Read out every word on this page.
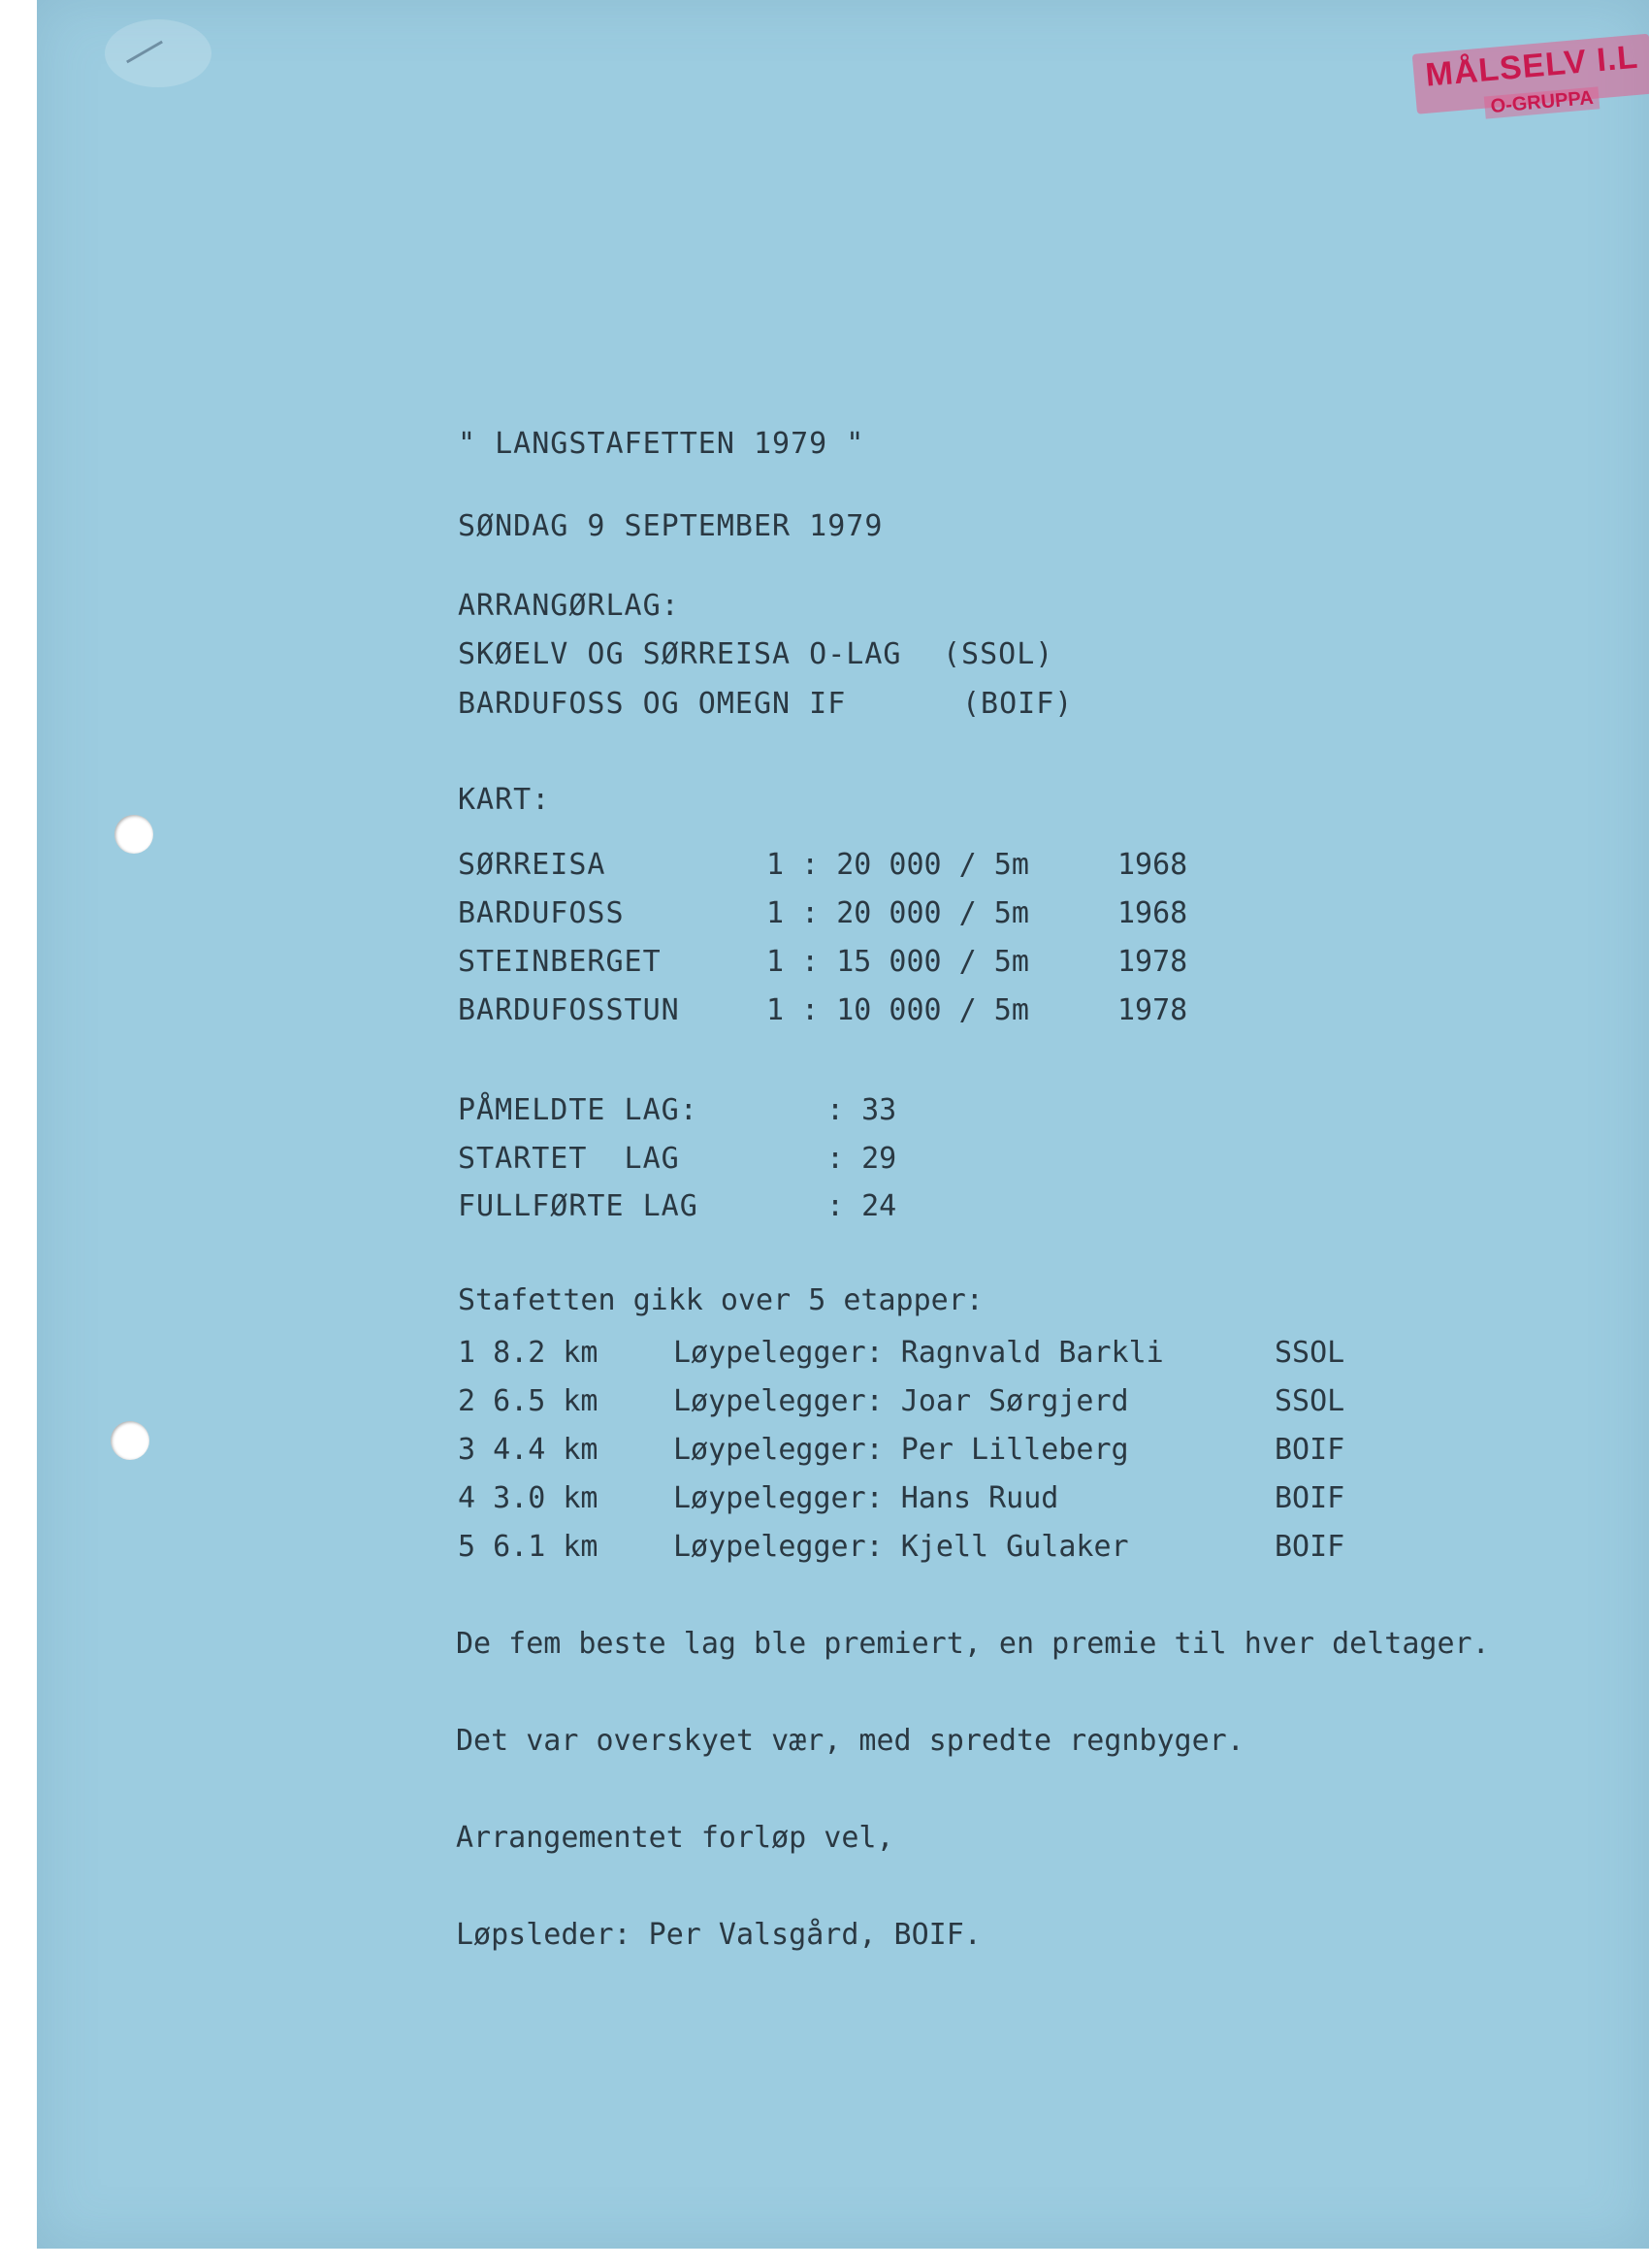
MÅLSELV I.L
O-GRUPPA
" LANGSTAFETTEN 1979 "
SØNDAG 9 SEPTEMBER 1979
ARRANGØRLAG:
SKØELV OG SØRREISA O-LAG (SSOL)
BARDUFOSS OG OMEGN IF	(BOIF)
KART:
SØRREISA	1 : 20 000 / 5m	1968
BARDUFOSS	1 : 20 000 / 5m	1968
STEINBERGET	1 : 15 000 / 5m	1978
BARDUFOSSTUN	1 : 10 000 / 5m	1978
PÅMELDTE LAG:	: 33
STARTET  LAG	: 29
FULLFØRTE LAG	: 24
Stafetten gikk over 5 etapper:
1 8.2 km	Løypelegger: Ragnvald Barkli	SSOL
2 6.5 km	Løypelegger: Joar Sørgjerd	SSOL
3 4.4 km	Løypelegger: Per Lilleberg	BOIF
4 3.0 km	Løypelegger: Hans Ruud	BOIF
5 6.1 km	Løypelegger: Kjell Gulaker	BOIF
De fem beste lag ble premiert, en premie til hver deltager.
Det var overskyet vær, med spredte regnbyger.
Arrangementet forløp vel,
Løpsleder: Per Valsgård, BOIF.
